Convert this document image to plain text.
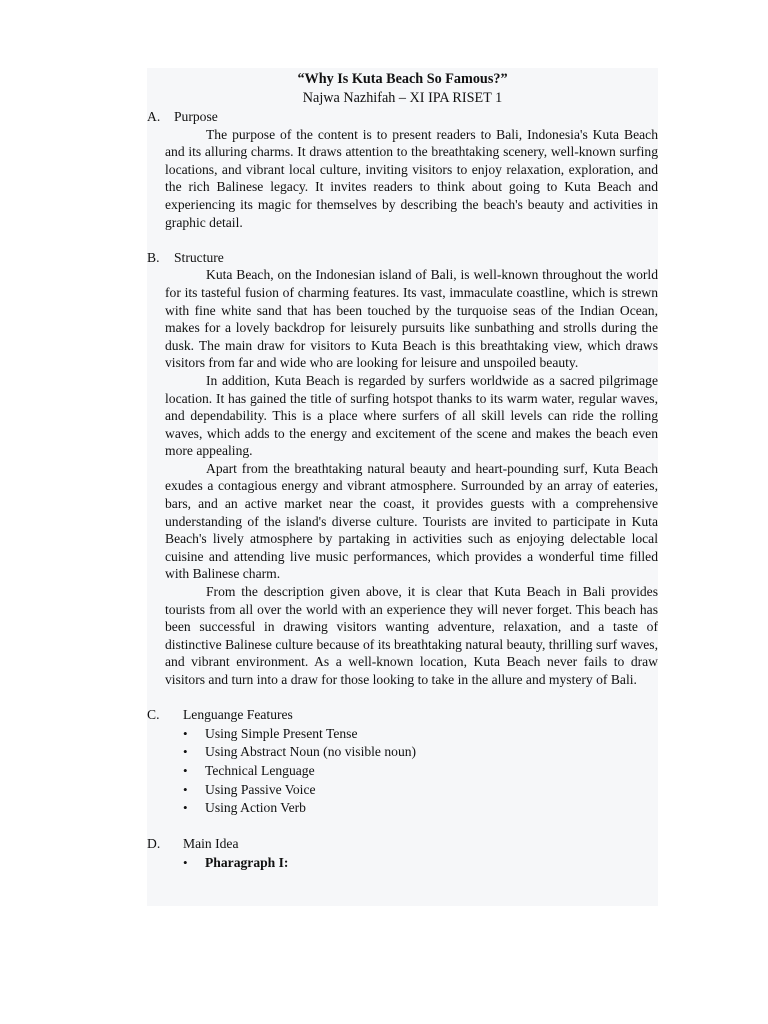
“Why Is Kuta Beach So Famous?”
Najwa Nazhifah – XI IPA RISET 1
A.	Purpose

The purpose of the content is to present readers to Bali, Indonesia's Kuta Beach and its alluring charms. It draws attention to the breathtaking scenery, well-known surfing locations, and vibrant local culture, inviting visitors to enjoy relaxation, exploration, and the rich Balinese legacy. It invites readers to think about going to Kuta Beach and experiencing its magic for themselves by describing the beach's beauty and activities in graphic detail.

B.	Structure

Kuta Beach, on the Indonesian island of Bali, is well-known throughout the world for its tasteful fusion of charming features. Its vast, immaculate coastline, which is strewn with fine white sand that has been touched by the turquoise seas of the Indian Ocean, makes for a lovely backdrop for leisurely pursuits like sunbathing and strolls during the dusk. The main draw for visitors to Kuta Beach is this breathtaking view, which draws visitors from far and wide who are looking for leisure and unspoiled beauty.

In addition, Kuta Beach is regarded by surfers worldwide as a sacred pilgrimage location. It has gained the title of surfing hotspot thanks to its warm water, regular waves, and dependability. This is a place where surfers of all skill levels can ride the rolling waves, which adds to the energy and excitement of the scene and makes the beach even more appealing.

Apart from the breathtaking natural beauty and heart-pounding surf, Kuta Beach exudes a contagious energy and vibrant atmosphere. Surrounded by an array of eateries, bars, and an active market near the coast, it provides guests with a comprehensive understanding of the island's diverse culture. Tourists are invited to participate in Kuta Beach's lively atmosphere by partaking in activities such as enjoying delectable local cuisine and attending live music performances, which provides a wonderful time filled with Balinese charm.

From the description given above, it is clear that Kuta Beach in Bali provides tourists from all over the world with an experience they will never forget. This beach has been successful in drawing visitors wanting adventure, relaxation, and a taste of distinctive Balinese culture because of its breathtaking natural beauty, thrilling surf waves, and vibrant environment. As a well-known location, Kuta Beach never fails to draw visitors and turn into a draw for those looking to take in the allure and mystery of Bali.

C.	Lenguange Features
•	Using Simple Present Tense
•	Using Abstract Noun (no visible noun)
•	Technical Lenguage
•	Using Passive Voice
•	Using Action Verb
D.	Main Idea
•	Pharagraph I:
